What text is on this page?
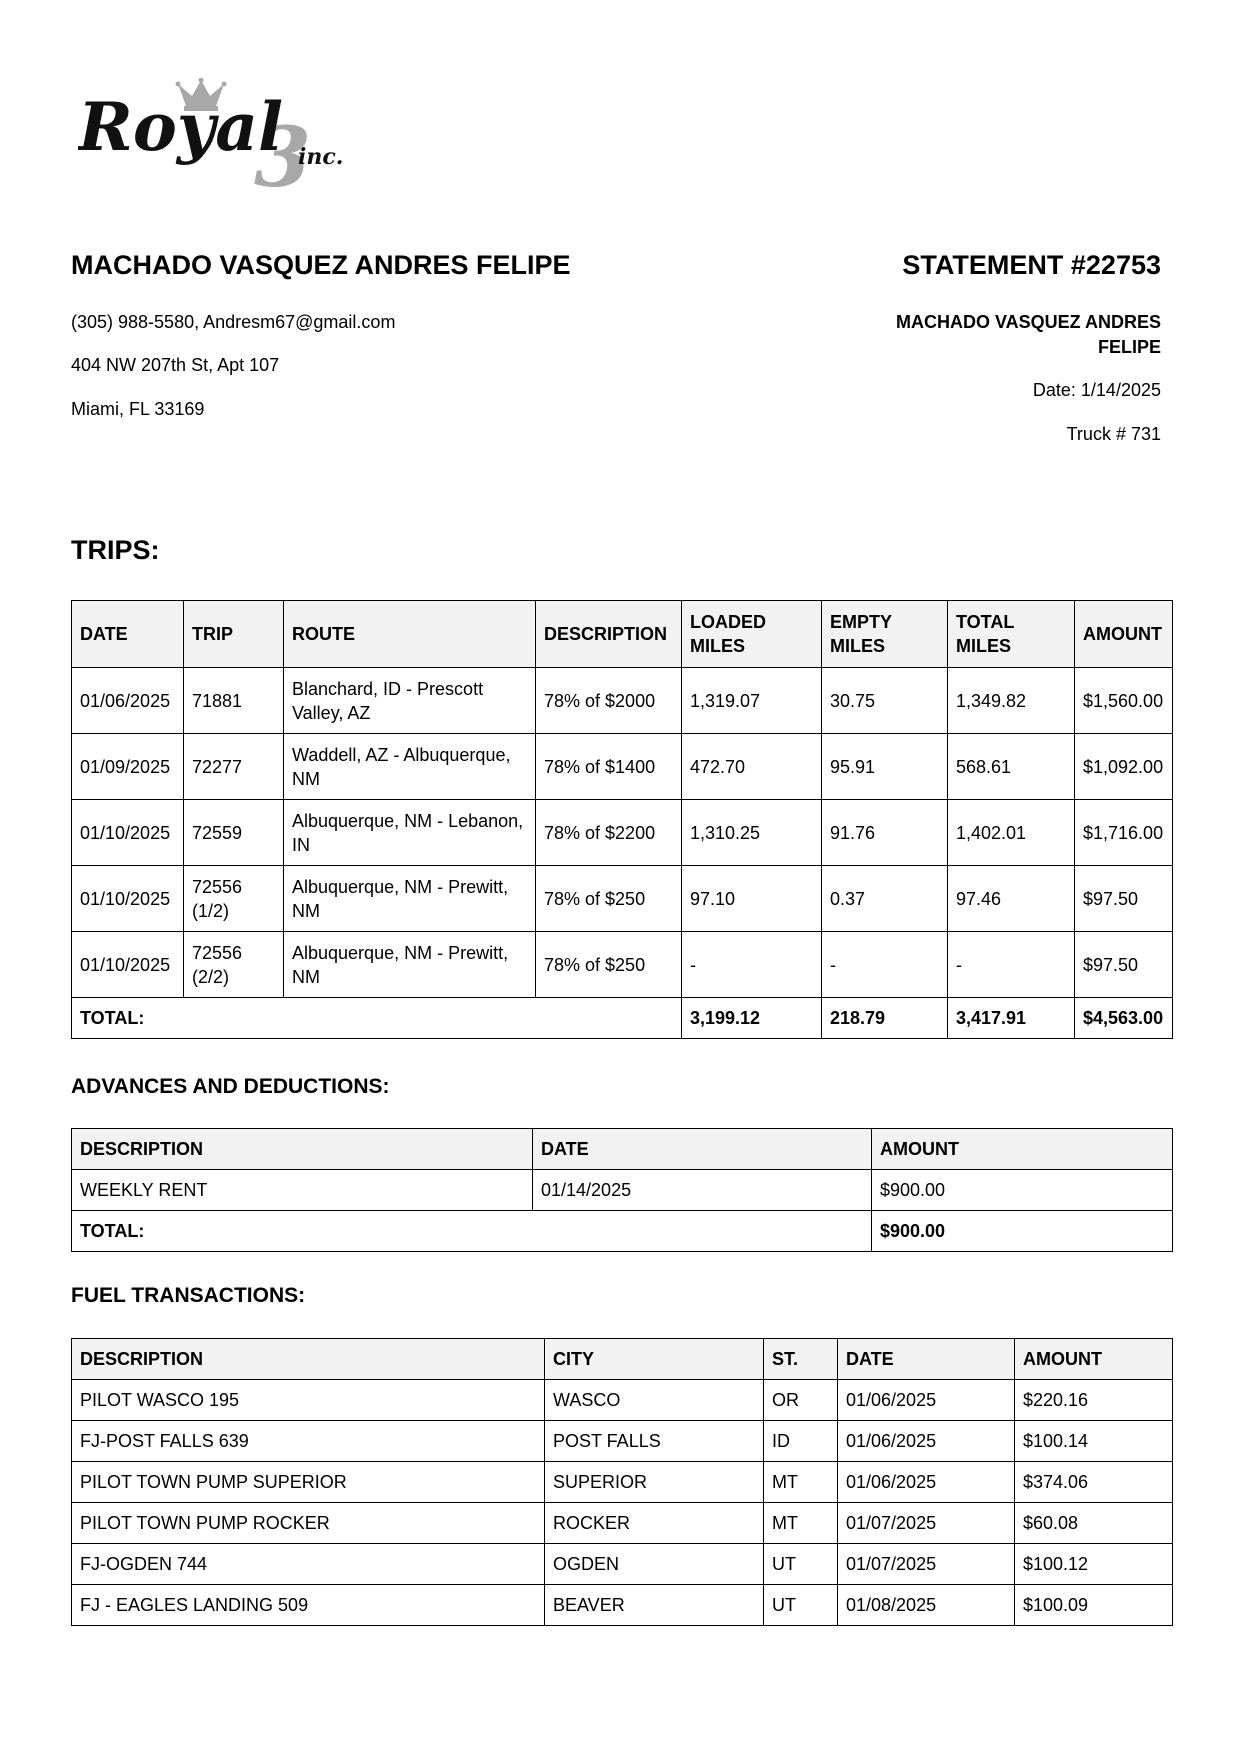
3
Royal inc.
MACHADO VASQUEZ ANDRES FELIPE
(305) 988-5580, Andresm67@gmail.com
404 NW 207th St, Apt 107
Miami, FL 33169
STATEMENT #22753
MACHADO VASQUEZ ANDRES FELIPE
Date: 1/14/2025
Truck # 731
TRIPS:
DATE	TRIP	ROUTE	DESCRIPTION	LOADED MILES	EMPTY MILES	TOTAL MILES	AMOUNT
01/06/2025	71881	Blanchard, ID - Prescott Valley, AZ	78% of $2000	1,319.07	30.75	1,349.82	$1,560.00
01/09/2025	72277	Waddell, AZ - Albuquerque, NM	78% of $1400	472.70	95.91	568.61	$1,092.00
01/10/2025	72559	Albuquerque, NM - Lebanon, IN	78% of $2200	1,310.25	91.76	1,402.01	$1,716.00
01/10/2025	72556 (1/2)	Albuquerque, NM - Prewitt, NM	78% of $250	97.10	0.37	97.46	$97.50
01/10/2025	72556 (2/2)	Albuquerque, NM - Prewitt, NM	78% of $250	-	-	-	$97.50
TOTAL:				3,199.12	218.79	3,417.91	$4,563.00
ADVANCES AND DEDUCTIONS:
DESCRIPTION	DATE	AMOUNT
WEEKLY RENT	01/14/2025	$900.00
TOTAL:		$900.00
FUEL TRANSACTIONS:
DESCRIPTION	CITY	ST.	DATE	AMOUNT
PILOT WASCO 195	WASCO	OR	01/06/2025	$220.16
FJ-POST FALLS 639	POST FALLS	ID	01/06/2025	$100.14
PILOT TOWN PUMP SUPERIOR	SUPERIOR	MT	01/06/2025	$374.06
PILOT TOWN PUMP ROCKER	ROCKER	MT	01/07/2025	$60.08
FJ-OGDEN 744	OGDEN	UT	01/07/2025	$100.12
FJ - EAGLES LANDING 509	BEAVER	UT	01/08/2025	$100.09
